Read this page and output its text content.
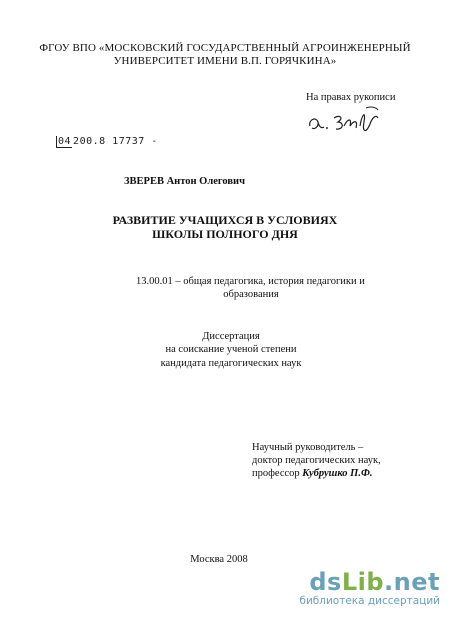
ФГОУ ВПО «МОСКОВСКИЙ ГОСУДАРСТВЕННЫЙ АГРОИНЖЕНЕРНЫЙ
УНИВЕРСИТЕТ ИМЕНИ В.П. ГОРЯЧКИНА»
На правах рукописи
04 200.8 17737 -
ЗВЕРЕВ Антон Олегович
РАЗВИТИЕ УЧАЩИХСЯ В УСЛОВИЯХ
ШКОЛЫ ПОЛНОГО ДНЯ
13.00.01 – общая педагогика, история педагогики и
образования
Диссертация
на соискание ученой степени
кандидата педагогических наук
Научный руководитель –
доктор педагогических наук,
профессор Кубрушко П.Ф.
Москва 2008
dsLib.net
библиотека диссертаций
